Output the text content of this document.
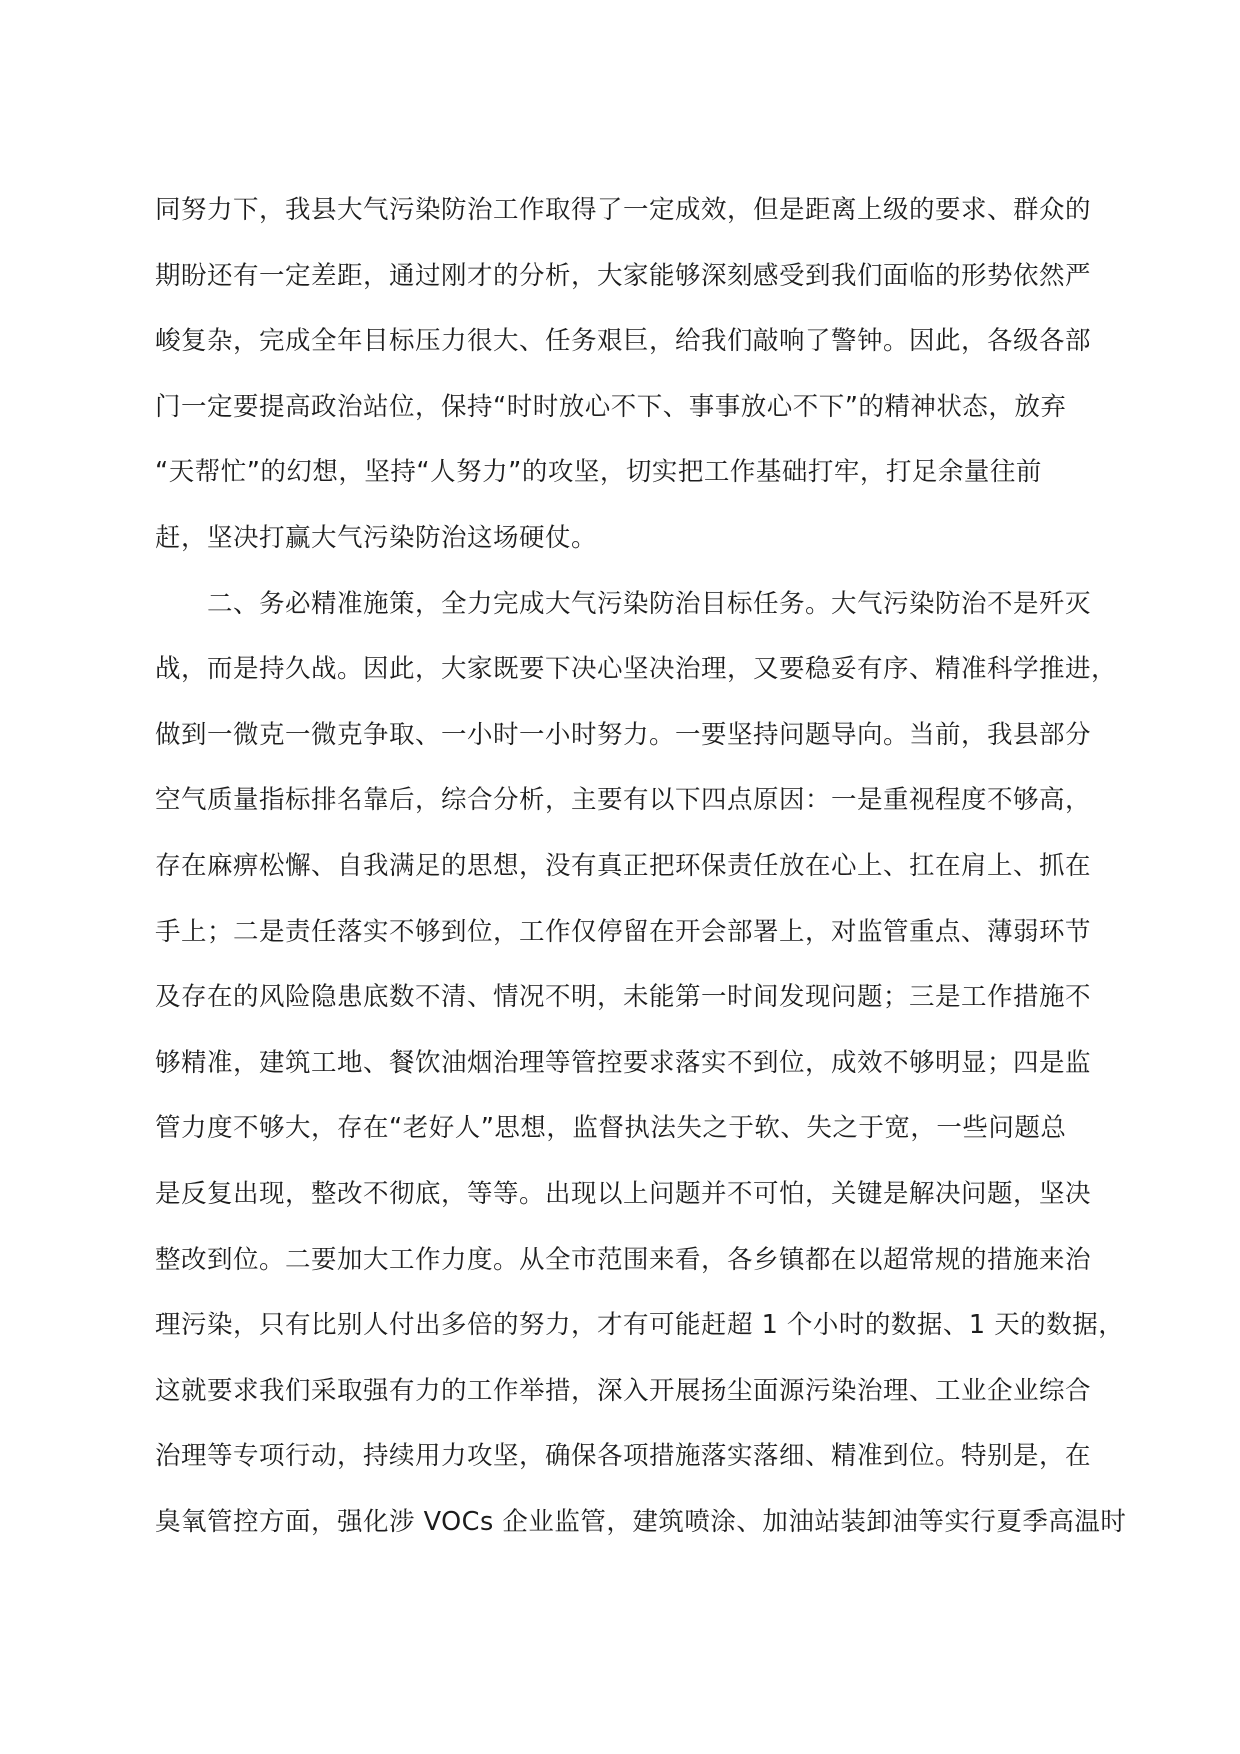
同努力下，我县大气污染防治工作取得了一定成效，但是距离上级的要求、群众的
期盼还有一定差距，通过刚才的分析，大家能够深刻感受到我们面临的形势依然严
峻复杂，完成全年目标压力很大、任务艰巨，给我们敲响了警钟。因此，各级各部
门一定要提高政治站位，保持“时时放心不下、事事放心不下”的精神状态，放弃
“天帮忙”的幻想，坚持“人努力”的攻坚，切实把工作基础打牢，打足余量往前
赶，坚决打赢大气污染防治这场硬仗。
　　二、务必精准施策，全力完成大气污染防治目标任务。大气污染防治不是歼灭
战，而是持久战。因此，大家既要下决心坚决治理，又要稳妥有序、精准科学推进，
做到一微克一微克争取、一小时一小时努力。一要坚持问题导向。当前，我县部分
空气质量指标排名靠后，综合分析，主要有以下四点原因：一是重视程度不够高，
存在麻痹松懈、自我满足的思想，没有真正把环保责任放在心上、扛在肩上、抓在
手上；二是责任落实不够到位，工作仅停留在开会部署上，对监管重点、薄弱环节
及存在的风险隐患底数不清、情况不明，未能第一时间发现问题；三是工作措施不
够精准，建筑工地、餐饮油烟治理等管控要求落实不到位，成效不够明显；四是监
管力度不够大，存在“老好人”思想，监督执法失之于软、失之于宽，一些问题总
是反复出现，整改不彻底，等等。出现以上问题并不可怕，关键是解决问题，坚决
整改到位。二要加大工作力度。从全市范围来看，各乡镇都在以超常规的措施来治
理污染，只有比别人付出多倍的努力，才有可能赶超 1 个小时的数据、1 天的数据，
这就要求我们采取强有力的工作举措，深入开展扬尘面源污染治理、工业企业综合
治理等专项行动，持续用力攻坚，确保各项措施落实落细、精准到位。特别是，在
臭氧管控方面，强化涉 VOCs 企业监管，建筑喷涂、加油站装卸油等实行夏季高温时
